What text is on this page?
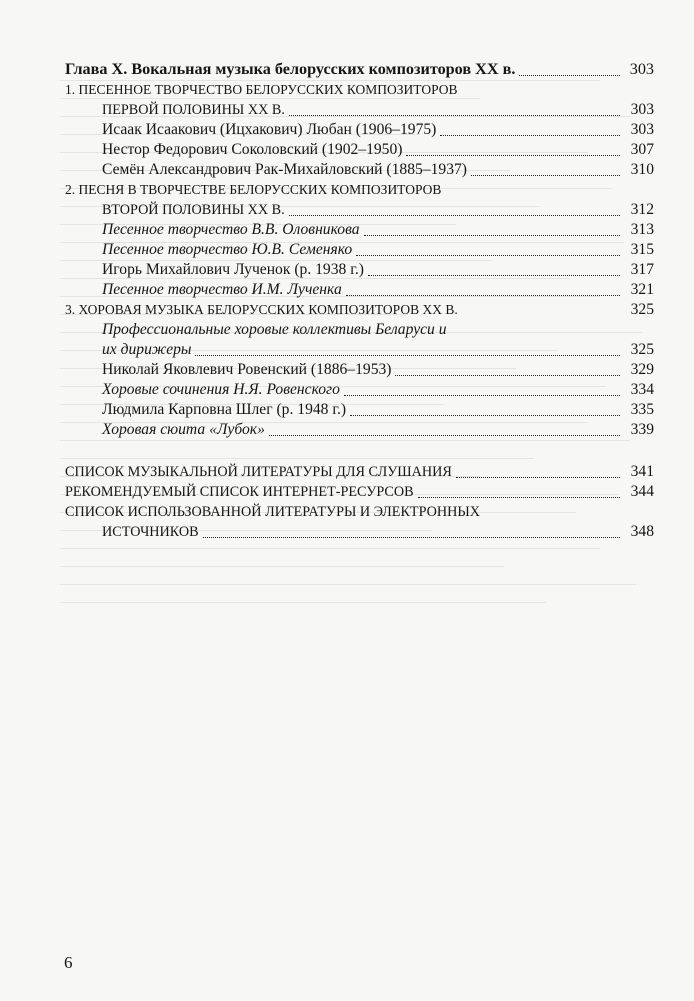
Глава Х. Вокальная музыка белорусских композиторов ХХ в.	303
1. ПЕСЕННОЕ ТВОРЧЕСТВО БЕЛОРУССКИХ КОМПОЗИТОРОВ
ПЕРВОЙ ПОЛОВИНЫ ХХ В.	303
Исаак Исаакович (Ицхакович) Любан (1906–1975)	303
Нестор Федорович Соколовский (1902–1950)	307
Семён Александрович Рак-Михайловский (1885–1937)	310
2. ПЕСНЯ В ТВОРЧЕСТВЕ БЕЛОРУССКИХ КОМПОЗИТОРОВ
ВТОРОЙ ПОЛОВИНЫ ХХ В.	312
Песенное творчество В.В. Оловникова	313
Песенное творчество Ю.В. Семеняко	315
Игорь Михайлович Лученок (р. 1938 г.)	317
Песенное творчество И.М. Лученка	321
3. ХОРОВАЯ МУЗЫКА БЕЛОРУССКИХ КОМПОЗИТОРОВ ХХ В.	325
Профессиональные хоровые коллективы Беларуси и
их дирижеры	325
Николай Яковлевич Ровенский (1886–1953)	329
Хоровые сочинения Н.Я. Ровенского	334
Людмила Карповна Шлег (р. 1948 г.)	335
Хоровая сюита «Лубок»	339
СПИСОК МУЗЫКАЛЬНОЙ ЛИТЕРАТУРЫ ДЛЯ СЛУШАНИЯ	341
РЕКОМЕНДУЕМЫЙ СПИСОК ИНТЕРНЕТ-РЕСУРСОВ	344
СПИСОК ИСПОЛЬЗОВАННОЙ ЛИТЕРАТУРЫ И ЭЛЕКТРОННЫХ
ИСТОЧНИКОВ	348
6
